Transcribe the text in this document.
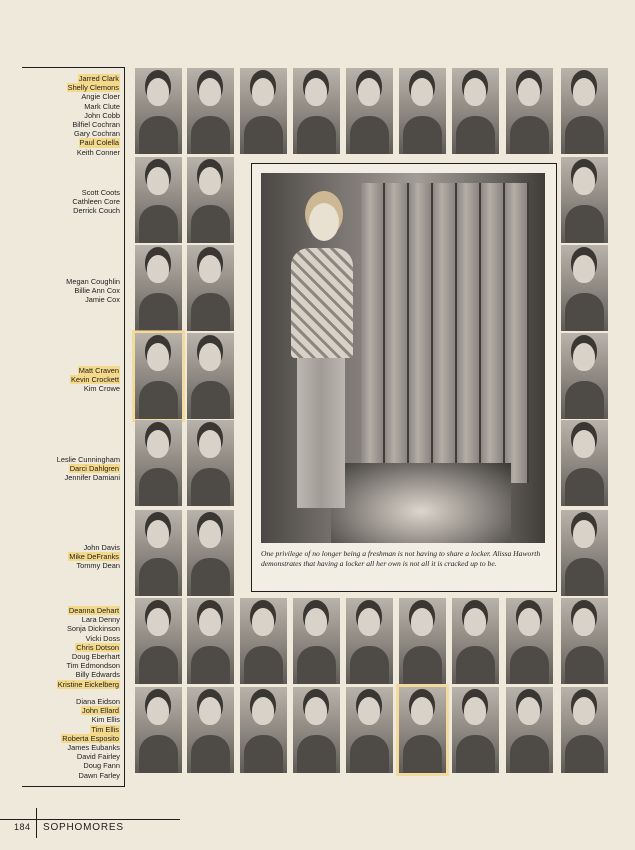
Jarred Clark
Shelly Clemons
Angie Cloer
Mark Clute
John Cobb
Bilfiel Cochran
Gary Cochran
Paul Colella
Keith Conner
Scott Coots
Cathleen Core
Derrick Couch
Megan Coughlin
Billie Ann Cox
Jamie Cox
Matt Craven
Kevin Crockett
Kim Crowe
Leslie Cunningham
Darci Dahlgren
Jennifer Damiani
John Davis
Mike DeFranks
Tommy Dean
Deanna Dehart
Lara Denny
Sonja Dickinson
Vicki Doss
Chris Dotson
Doug Eberhart
Tim Edmondson
Billy Edwards
Kristine Eickelberg
Diana Eidson
John Ellard
Kim Ellis
Tim Ellis
Roberta Esposito
James Eubanks
David Fairley
Doug Fann
Dawn Farley
One privilege of no longer being a freshman is not having to share a locker. Alissa Haworth demonstrates that having a locker all her own is not all it is cracked up to be.
184 SOPHOMORES
